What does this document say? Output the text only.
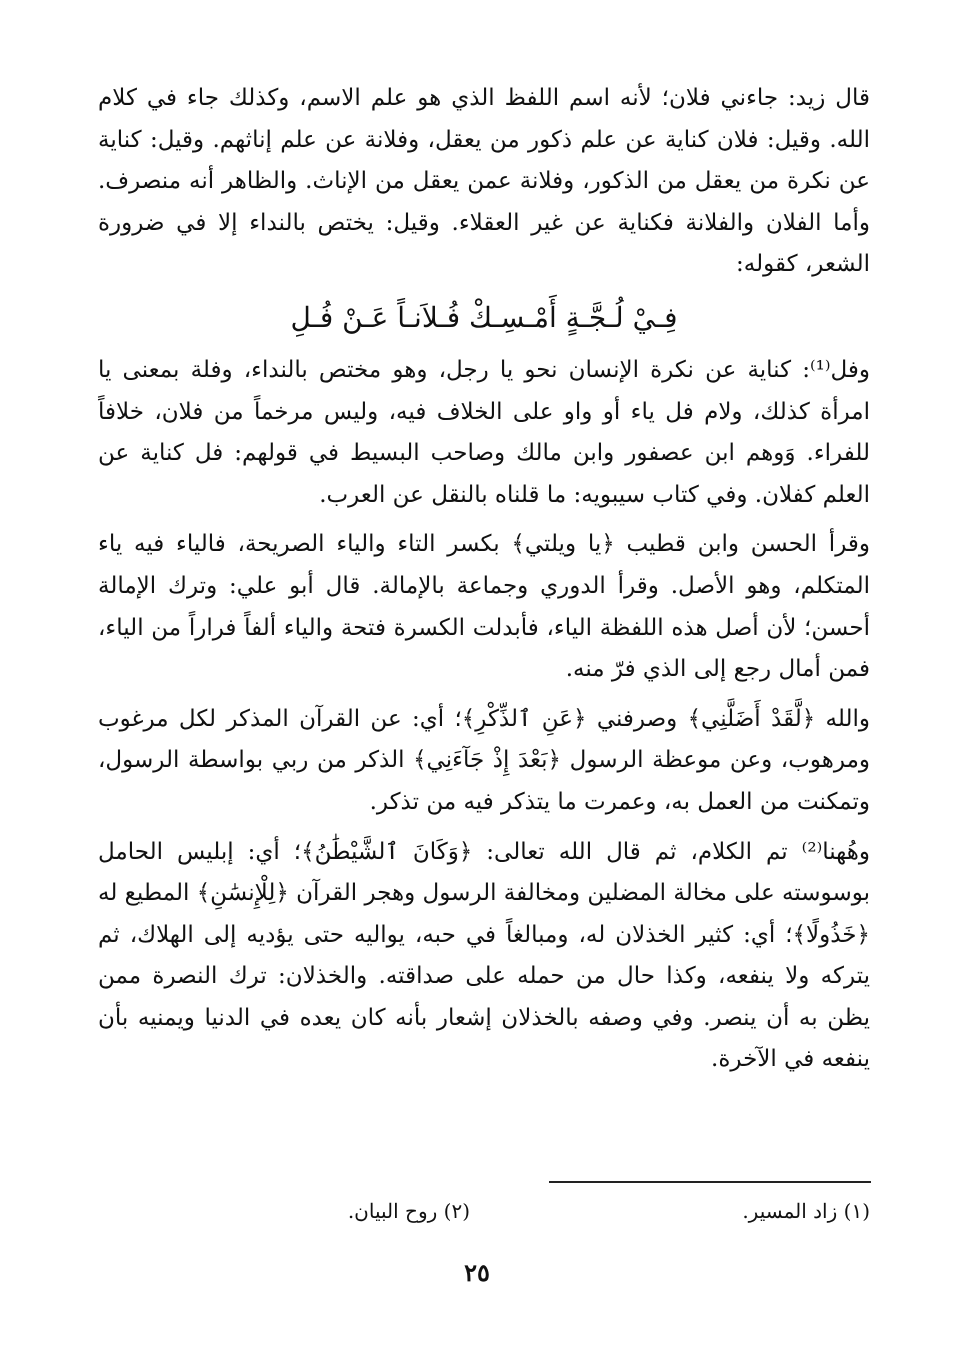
قال زيد: جاءني فلان؛ لأنه اسم اللفظ الذي هو علم الاسم، وكذلك جاء في كلام الله. وقيل: فلان كناية عن علم ذكور من يعقل، وفلانة عن علم إناثهم. وقيل: كناية عن نكرة من يعقل من الذكور، وفلانة عمن يعقل من الإناث. والظاهر أنه منصرف. وأما الفلان والفلانة فكناية عن غير العقلاء. وقيل: يختص بالنداء إلا في ضرورة الشعر، كقوله:

فِـيْ لُـجَّـةٍ أَمْـسِـكْ فُـلاَنـاً عَـنْ فُـلِ

وفل⁽¹⁾: كناية عن نكرة الإنسان نحو يا رجل، وهو مختص بالنداء، وفلة بمعنى يا امرأة كذلك، ولام فل ياء أو واو على الخلاف فيه، وليس مرخماً من فلان، خلافاً للفراء. وَوهم ابن عصفور وابن مالك وصاحب البسيط في قولهم: فل كناية عن العلم كفلان. وفي كتاب سيبويه: ما قلناه بالنقل عن العرب.

وقرأ الحسن وابن قطيب ﴿يا ويلتي﴾ بكسر التاء والياء الصريحة، فالياء فيه ياء المتكلم، وهو الأصل. وقرأ الدوري وجماعة بالإمالة. قال أبو علي: وترك الإمالة أحسن؛ لأن أصل هذه اللفظة الياء، فأبدلت الكسرة فتحة والياء ألفاً فراراً من الياء، فمن أمال رجع إلى الذي فرّ منه.

والله ﴿لَّقَدْ أَضَلَّنِي﴾ وصرفني ﴿عَنِ ٱلذِّكْرِ﴾؛ أي: عن القرآن المذكر لكل مرغوب ومرهوب، وعن موعظة الرسول ﴿بَعْدَ إِذْ جَآءَنِي﴾ الذكر من ربي بواسطة الرسول، وتمكنت من العمل به، وعمرت ما يتذكر فيه من تذكر.

وهُهنا⁽²⁾ تم الكلام، ثم قال الله تعالى: ﴿وَكَانَ ٱلشَّيْطَٰنُ﴾؛ أي: إبليس الحامل بوسوسته على مخالة المضلين ومخالفة الرسول وهجر القرآن ﴿لِلْإِنسَٰنِ﴾ المطيع له ﴿خَذُولًا﴾؛ أي: كثير الخذلان له، ومبالغاً في حبه، يواليه حتى يؤديه إلى الهلاك، ثم يتركه ولا ينفعه، وكذا حال من حمله على صداقته. والخذلان: ترك النصرة ممن يظن به أن ينصر. وفي وصفه بالخذلان إشعار بأنه كان يعده في الدنيا ويمنيه بأن ينفعه في الآخرة.

(١) زاد المسير.
(٢) روح البيان.
٢٥
